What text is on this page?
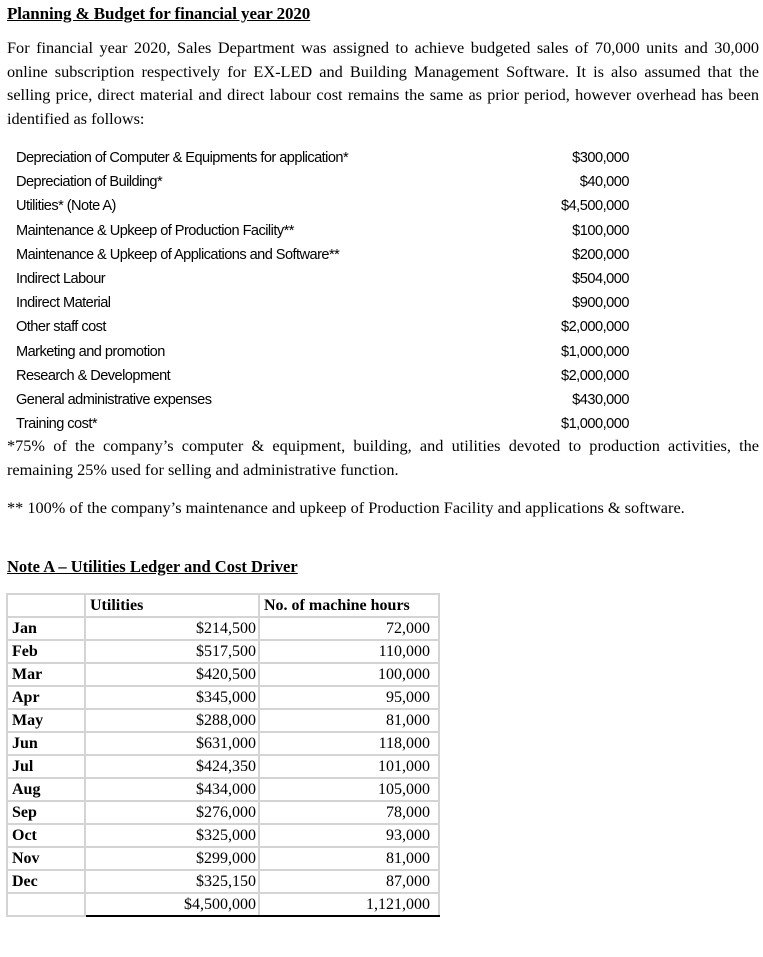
Planning & Budget for financial year 2020
For financial year 2020, Sales Department was assigned to achieve budgeted sales of 70,000 units and 30,000 online subscription respectively for EX-LED and Building Management Software. It is also assumed that the selling price, direct material and direct labour cost remains the same as prior period, however overhead has been identified as follows:
Depreciation of Computer & Equipments for application*	$300,000
Depreciation of Building*	$40,000
Utilities* (Note A)	$4,500,000
Maintenance & Upkeep of Production Facility**	$100,000
Maintenance & Upkeep of Applications and Software**	$200,000
Indirect Labour	$504,000
Indirect Material	$900,000
Other staff cost	$2,000,000
Marketing and promotion	$1,000,000
Research & Development	$2,000,000
General administrative expenses	$430,000
Training cost*	$1,000,000
*75% of the company’s computer & equipment, building, and utilities devoted to production activities, the remaining 25% used for selling and administrative function.
** 100% of the company’s maintenance and upkeep of Production Facility and applications & software.
Note A – Utilities Ledger and Cost Driver
	Utilities	No. of machine hours
Jan	$214,500	72,000
Feb	$517,500	110,000
Mar	$420,500	100,000
Apr	$345,000	95,000
May	$288,000	81,000
Jun	$631,000	118,000
Jul	$424,350	101,000
Aug	$434,000	105,000
Sep	$276,000	78,000
Oct	$325,000	93,000
Nov	$299,000	81,000
Dec	$325,150	87,000
	$4,500,000	1,121,000
